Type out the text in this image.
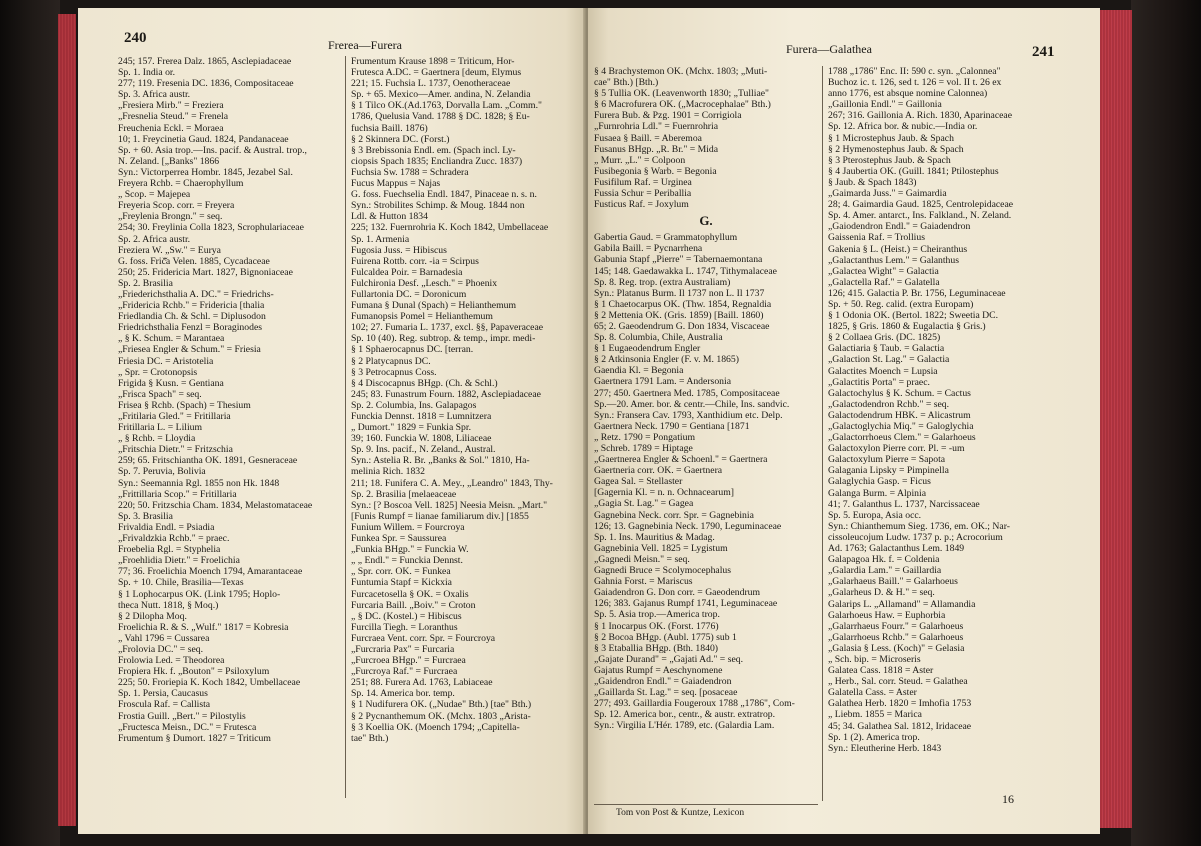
240	Frerea—Furera
245; 157. Frerea Dalz. 1865, Asclepiadaceae
Sp. 1. India or.
277; 119. Fresenia DC. 1836, Compositaceae
Sp. 3. Africa austr.
„Fresiera Mirb." = Freziera
„Fresnelia Steud." = Frenela
Freuchenia Eckl. = Moraea
10; 1. Freycinetia Gaud. 1824, Pandanaceae
Sp. + 60. Asia trop.—Ins. pacif. & Austral. trop.,
N. Zeland. [„Banks" 1866
Syn.: Victorperrea Hombr. 1845, Jezabel Sal.
Freyera Rchb. = Chaerophyllum
„ Scop. = Majepea
Freyeria Scop. corr. = Freyera
„Freylenia Brongn." = seq.
254; 30. Freylinia Colla 1823, Scrophulariaceae
Sp. 2. Africa austr.
Freziera W. „Sw." = Eurya
G. foss. Frič̌a Velen. 1885, Cycadaceae
250; 25. Fridericia Mart. 1827, Bignoniaceae
Sp. 2. Brasilia
„Friederichsthalia A. DC." = Friedrichs-
„Fridericia Rchb." = Fridericia [thalia
Friedlandia Ch. & Schl. = Diplusodon
Friedrichsthalia Fenzl = Boraginodes
„ § K. Schum. = Marantaea
„Friesea Engler & Schum." = Friesia
Friesia DC. = Aristotelia
„ Spr. = Crotonopsis
Frigida § Kusn. = Gentiana
„Frisca Spach" = seq.
Frisea § Rchb. (Spach) = Thesium
„Fritilaria Gled." = Fritillaria
Fritillaria L. = Lilium
„ § Rchb. = Lloydia
„Fritschia Dietr." = Fritzschia
259; 65. Fritschiantha OK. 1891, Gesneraceae
Sp. 7. Peruvia, Bolivia
Syn.: Seemannia Rgl. 1855 non Hk. 1848
„Frittillaria Scop." = Fritillaria
220; 50. Fritzschia Cham. 1834, Melastomataceae
Sp. 3. Brasilia
Frivaldia Endl. = Psiadia
„Frivaldzkia Rchb." = praec.
Froebelia Rgl. = Styphelia
„Froehlidia Dietr." = Froelichia
77; 36. Froelichia Moench 1794, Amarantaceae
Sp. + 10. Chile, Brasilia—Texas
§ 1 Lophocarpus OK. (Link 1795; Hoplo-
theca Nutt. 1818, § Moq.)
§ 2 Dilopha Moq.
Froelichia R. & S. „Wulf." 1817 = Kobresia
„ Vahl 1796 = Cussarea
„Frolovia DC." = seq.
Frolowia Led. = Theodorea
Fropiera Hk. f. „Bouton" = Psiloxylum
225; 50. Froriepia K. Koch 1842, Umbellaceae
Sp. 1. Persia, Caucasus
Froscula Raf. = Callista
Frostia Guill. „Bert." = Pilostylis
„Fructesca Meisn., DC." = Frutesca
Frumentum § Dumort. 1827 = Triticum
Frumentum Krause 1898 = Triticum, Hor-
Frutesca A.DC. = Gaertnera [deum, Elymus
221; 15. Fuchsia L. 1737, Oenotheraceae
Sp. + 65. Mexico—Amer. andina, N. Zelandia
§ 1 Tilco OK.(Ad.1763, Dorvalla Lam. „Comm."
1786, Quelusia Vand. 1788 § DC. 1828; § Eu-
fuchsia Baill. 1876)
§ 2 Skinnera DC. (Forst.)
§ 3 Brebissonia Endl. em. (Spach incl. Ly-
ciopsis Spach 1835; Encliandra Zucc. 1837)
Fuchsia Sw. 1788 = Schradera
Fucus Mappus = Najas
G. foss. Fuechselia Endl. 1847, Pinaceae n. s. n.
Syn.: Strobilites Schimp. & Moug. 1844 non
Ldl. & Hutton 1834
225; 132. Fuernrohria K. Koch 1842, Umbellaceae
Sp. 1. Armenia
Fugosia Juss. = Hibiscus
Fuirena Rottb. corr. -ia = Scirpus
Fulcaldea Poir. = Barnadesia
Fulchironia Desf. „Lesch." = Phoenix
Fullartonia DC. = Doronicum
Fumana § Dunal (Spach) = Helianthemum
Fumanopsis Pomel = Helianthemum
102; 27. Fumaria L. 1737, excl. §§, Papaveraceae
Sp. 10 (40). Reg. subtrop. & temp., impr. medi-
§ 1 Sphaerocapnus DC. [terran.
§ 2 Platycapnus DC.
§ 3 Petrocapnus Coss.
§ 4 Discocapnus BHgp. (Ch. & Schl.)
245; 83. Funastrum Fourn. 1882, Asclepiadaceae
Sp. 2. Columbia, Ins. Galapagos
Funckia Dennst. 1818 = Lumnitzera
„ Dumort." 1829 = Funkia Spr.
39; 160. Funckia W. 1808, Liliaceae
Sp. 9. Ins. pacif., N. Zeland., Austral.
Syn.: Astelia R. Br. „Banks & Sol." 1810, Ha-
melinia Rich. 1832
211; 18. Funifera C. A. Mey., „Leandro" 1843, Thy-
Sp. 2. Brasilia [melaeaceae
Syn.: [? Boscoa Vell. 1825] Neesia Meisn. „Mart."
[Funis Rumpf = lianae familiarum div.] [1855
Funium Willem. = Fourcroya
Funkea Spr. = Saussurea
„Funkia BHgp." = Funckia W.
„ „ Endl." = Funckia Dennst.
„ Spr. corr. OK. = Funkea
Funtumia Stapf = Kickxia
Furcacetosella § OK. = Oxalis
Furcaria Baill. „Boiv." = Croton
„ § DC. (Kostel.) = Hibiscus
Furcilla Tiegh. = Loranthus
Furcraea Vent. corr. Spr. = Fourcroya
„Furcraria Pax" = Furcaria
„Furcroea BHgp." = Furcraea
„Furcroya Raf." = Furcraea
251; 88. Furera Ad. 1763, Labiaceae
Sp. 14. America bor. temp.
§ 1 Nudifurera OK. („Nudae" Bth.) [tae" Bth.)
§ 2 Pycnanthemum OK. (Mchx. 1803 „Arista-
§ 3 Koellia OK. (Moench 1794; „Capitella-
tae" Bth.)
Furera—Galathea	241
§ 4 Brachystemon OK. (Mchx. 1803; „Muti-
cae" Bth.) [Bth.)
§ 5 Tullia OK. (Leavenworth 1830; „Tulliae"
§ 6 Macrofurera OK. („Macrocephalae" Bth.)
Furera Bub. & Pzg. 1901 = Corrigiola
„Furnrohria Ldl." = Fuernrohria
Fusaea § Baill. = Aberemoa
Fusanus BHgp. „R. Br." = Mida
„ Murr. „L." = Colpoon
Fusibegonia § Warb. = Begonia
Fusifilum Raf. = Urginea
Fussia Schur = Periballia
Fusticus Raf. = Joxylum
G.
Gabertia Gaud. = Grammatophyllum
Gabila Baill. = Pycnarrhena
Gabunia Stapf „Pierre" = Tabernaemontana
145; 148. Gaedawakka L. 1747, Tithymalaceae
Sp. 8. Reg. trop. (extra Australiam)
Syn.: Platanus Burm. Il 1737 non L. Il 1737
§ 1 Chaetocarpus OK. (Thw. 1854, Regnaldia
§ 2 Mettenia OK. (Gris. 1859) [Baill. 1860)
65; 2. Gaeodendrum G. Don 1834, Viscaceae
Sp. 8. Columbia, Chile, Australia
§ 1 Eugaeodendrum Engler
§ 2 Atkinsonia Engler (F. v. M. 1865)
Gaendia Kl. = Begonia
Gaertnera 1791 Lam. = Andersonia
277; 450. Gaertnera Med. 1785, Compositaceae
Sp.—20. Amer. bor. & centr.—Chile, Ins. sandvic.
Syn.: Fransera Cav. 1793, Xanthidium etc. Delp.
Gaertnera Neck. 1790 = Gentiana [1871
„ Retz. 1790 = Pongatium
„ Schreb. 1789 = Hiptage
„Gaertnerea Engler & Schoenl." = Gaertnera
Gaertneria corr. OK. = Gaertnera
Gagea Sal. = Stellaster
[Gagernia Kl. = n. n. Ochnacearum]
„Gagia St. Lag." = Gagea
Gagnebina Neck. corr. Spr. = Gagnebinia
126; 13. Gagnebinia Neck. 1790, Leguminaceae
Sp. 1. Ins. Mauritius & Madag.
Gagnebinia Vell. 1825 = Lygistum
„Gagnedi Meisn." = seq.
Gagnedi Bruce = Scolymocephalus
Gahnia Forst. = Mariscus
Gaiadendron G. Don corr. = Gaeodendrum
126; 383. Gajanus Rumpf 1741, Leguminaceae
Sp. 5. Asia trop.—America trop.
§ 1 Inocarpus OK. (Forst. 1776)
§ 2 Bocoa BHgp. (Aubl. 1775) sub 1
§ 3 Etaballia BHgp. (Bth. 1840)
„Gajate Durand" = „Gajati Ad." = seq.
Gajatus Rumpf = Aeschynomene
„Gaidendron Endl." = Gaiadendron
„Gaillarda St. Lag." = seq. [posaceae
277; 493. Gaillardia Fougeroux 1788 „1786", Com-
Sp. 12. America bor., centr., & austr. extratrop.
Syn.: Virgilia L'Hér. 1789, etc. (Galardia Lam.
1788 „1786" Enc. II: 590 c. syn. „Calonnea"
Buchoz ic. t. 126, sed t. 126 = vol. II t. 26 ex
anno 1776, est absque nomine Calonnea)
„Gaillonia Endl." = Gaillonia
267; 316. Gaillonia A. Rich. 1830, Aparinaceae
Sp. 12. Africa bor. & nubic.—India or.
§ 1 Microstephus Jaub. & Spach
§ 2 Hymenostephus Jaub. & Spach
§ 3 Pterostephus Jaub. & Spach
§ 4 Jaubertia OK. (Guill. 1841; Ptilostephus
§ Jaub. & Spach 1843)
„Gaimarda Juss." = Gaimardia
28; 4. Gaimardia Gaud. 1825, Centrolepidaceae
Sp. 4. Amer. antarct., Ins. Falkland., N. Zeland.
„Gaiodendron Endl." = Gaiadendron
Gaissenia Raf. = Trollius
Gakenia § L. (Heist.) = Cheiranthus
„Galactanthus Lem." = Galanthus
„Galactea Wight" = Galactia
„Galactella Raf." = Galatella
126; 415. Galactia P. Br. 1756, Leguminaceae
Sp. + 50. Reg. calid. (extra Europam)
§ 1 Odonia OK. (Bertol. 1822; Sweetia DC.
1825, § Gris. 1860 & Eugalactia § Gris.)
§ 2 Collaea Gris. (DC. 1825)
Galactiaria § Taub. = Galactia
„Galaction St. Lag." = Galactia
Galactites Moench = Lupsia
„Galactitis Porta" = praec.
Galactochylus § K. Schum. = Cactus
„Galactodendron Rchb." = seq.
Galactodendrum HBK. = Alicastrum
„Galactoglychia Miq." = Galoglychia
„Galactorrhoeus Clem." = Galarhoeus
Galactoxylon Pierre corr. Pl. = -um
Galactoxylum Pierre = Sapota
Galagania Lipsky = Pimpinella
Galaglychia Gasp. = Ficus
Galanga Burm. = Alpinia
41; 7. Galanthus L. 1737, Narcissaceae
Sp. 5. Europa, Asia occ.
Syn.: Chianthemum Sieg. 1736, em. OK.; Nar-
cissoleucojum Ludw. 1737 p. p.; Acrocorium
Ad. 1763; Galactanthus Lem. 1849
Galapagoa Hk. f. = Coldenia
„Galardia Lam." = Gaillardia
„Galarhaeus Baill." = Galarhoeus
„Galarheus D. & H." = seq.
Galarips L. „Allamand" = Allamandia
Galarhoeus Haw. = Euphorbia
„Galarrhaeus Fourr." = Galarhoeus
„Galarrhoeus Rchb." = Galarhoeus
„Galasia § Less. (Koch)" = Gelasia
„ Sch. bip. = Microseris
Galatea Cass. 1818 = Aster
„ Herb., Sal. corr. Steud. = Galathea
Galatella Cass. = Aster
Galathea Herb. 1820 = Imhofia 1753
„ Liebm. 1855 = Marica
45; 34. Galathea Sal. 1812, Iridaceae
Sp. 1 (2). America trop.
Syn.: Eleutherine Herb. 1843
Tom von Post & Kuntze, Lexicon
16
